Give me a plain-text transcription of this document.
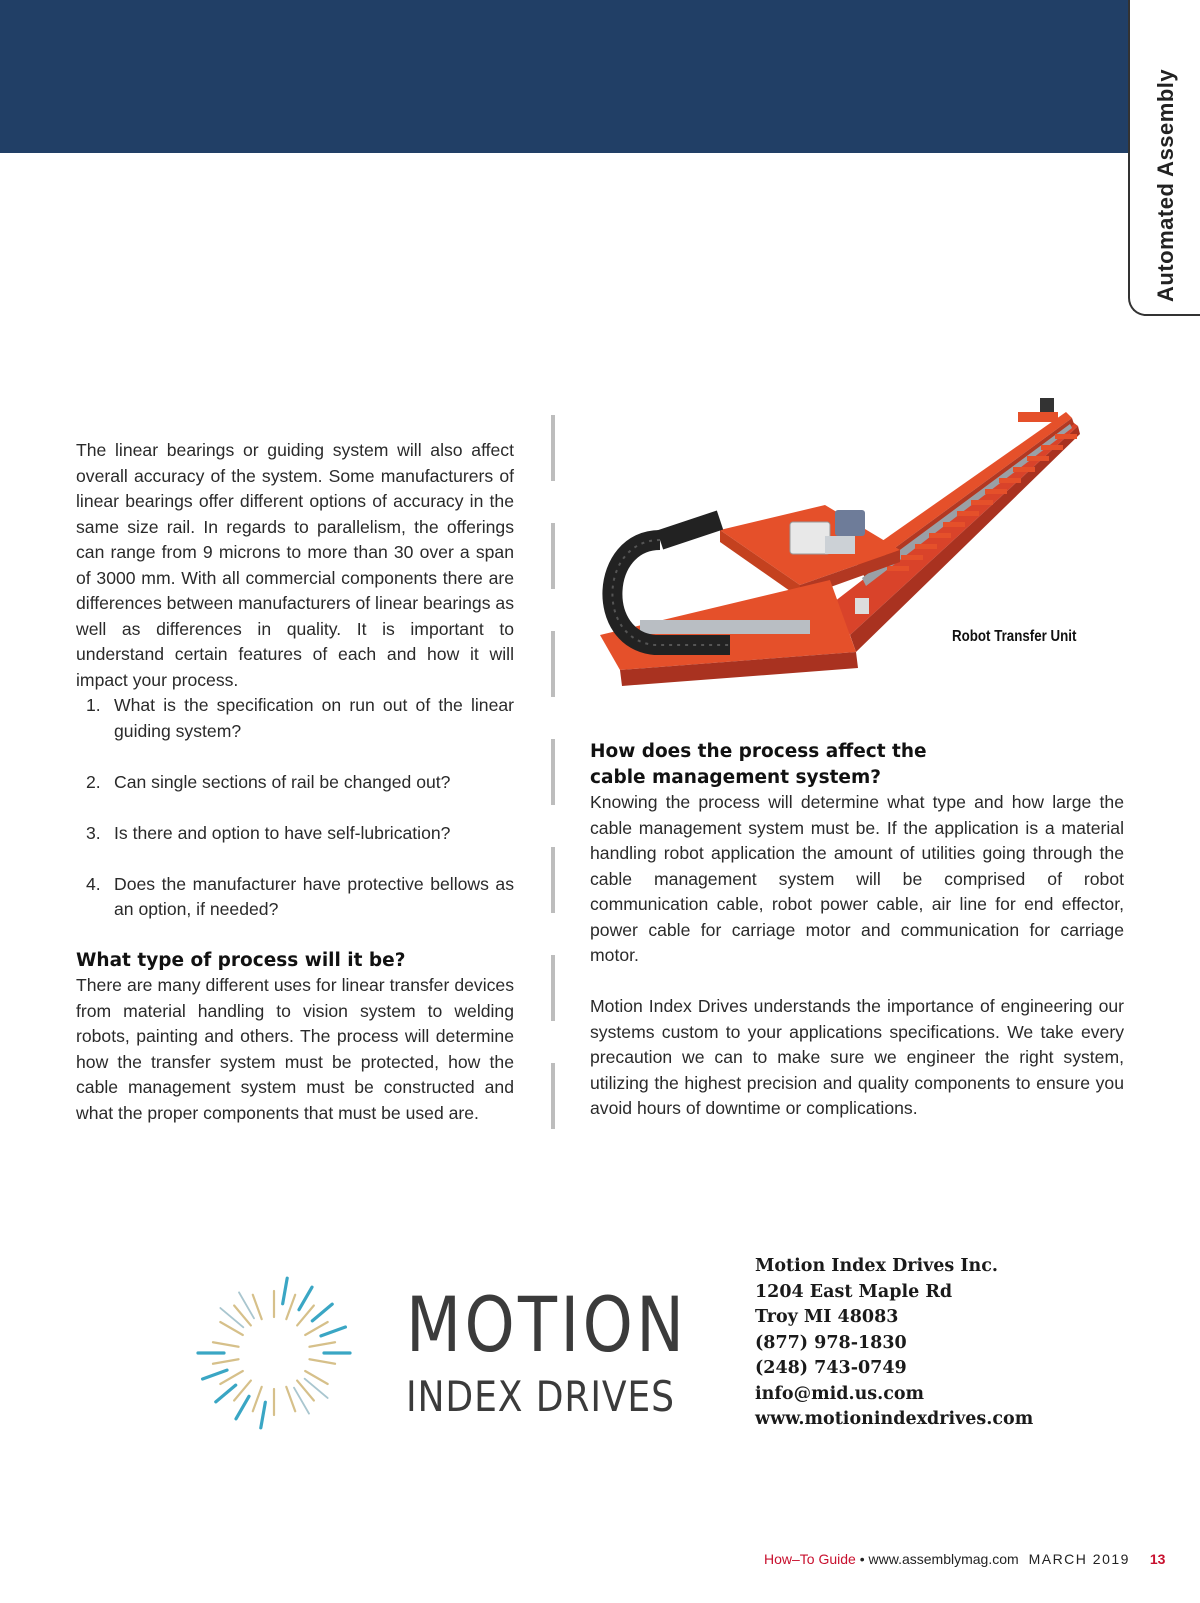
Automated Assembly

The linear bearings or guiding system will also affect overall accuracy of the system. Some manufacturers of linear bearings offer different options of accuracy in the same size rail. In regards to parallelism, the offerings can range from 9 microns to more than 30 over a span of 3000 mm. With all commercial components there are differences between manufacturers of linear bearings as well as differences in quality. It is important to understand certain features of each and how it will impact your process.

1. What is the specification on run out of the linear guiding system?
2. Can single sections of rail be changed out?
3. Is there and option to have self-lubrication?
4. Does the manufacturer have protective bellows as an option, if needed?
What type of process will it be?

There are many different uses for linear transfer devices from material handling to vision system to welding robots, painting and others. The process will determine how the transfer system must be protected, how the cable management system must be constructed and what the proper components that must be used are.

Robot Transfer Unit
How does the process affect the
cable management system?

Knowing the process will determine what type and how large the cable management system must be. If the application is a material handling robot application the amount of utilities going through the cable management system will be comprised of robot communication cable, robot power cable, air line for end effector, power cable for carriage motor and communication for carriage motor.

Motion Index Drives understands the importance of engineering our systems custom to your applications specifications. We take every precaution we can to make sure we engineer the right system, utilizing the highest precision and quality components to ensure you avoid hours of downtime or complications.

MOTION
INDEX DRIVES
Motion Index Drives Inc.
1204 East Maple Rd
Troy MI 48083
(877) 978-1830
(248) 743-0749
info@mid.us.com
www.motionindexdrives.com
How–To Guide • www.assemblymag.com MARCH 2019 13
